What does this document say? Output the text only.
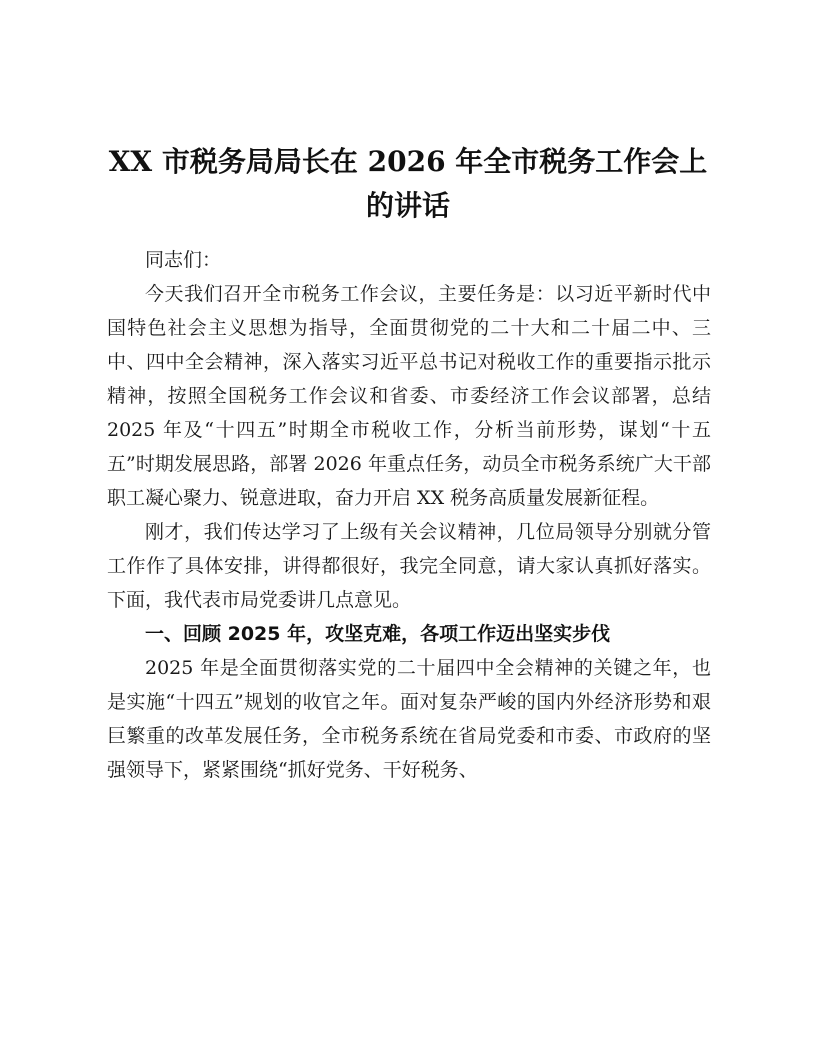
XX 市税务局局长在 2026 年全市税务工作会上
的讲话

同志们：

今天我们召开全市税务工作会议，主要任务是：以习近平新时代中国特色社会主义思想为指导，全面贯彻党的二十大和二十届二中、三中、四中全会精神，深入落实习近平总书记对税收工作的重要指示批示精神，按照全国税务工作会议和省委、市委经济工作会议部署，总结 2025 年及“十四五”时期全市税收工作，分析当前形势，谋划“十五五”时期发展思路，部署 2026 年重点任务，动员全市税务系统广大干部职工凝心聚力、锐意进取，奋力开启 XX 税务高质量发展新征程。

刚才，我们传达学习了上级有关会议精神，几位局领导分别就分管工作作了具体安排，讲得都很好，我完全同意，请大家认真抓好落实。下面，我代表市局党委讲几点意见。

一、回顾 2025 年，攻坚克难，各项工作迈出坚实步伐

2025 年是全面贯彻落实党的二十届四中全会精神的关键之年，也是实施“十四五”规划的收官之年。面对复杂严峻的国内外经济形势和艰巨繁重的改革发展任务，全市税务系统在省局党委和市委、市政府的坚强领导下，紧紧围绕“抓好党务、干好税务、
